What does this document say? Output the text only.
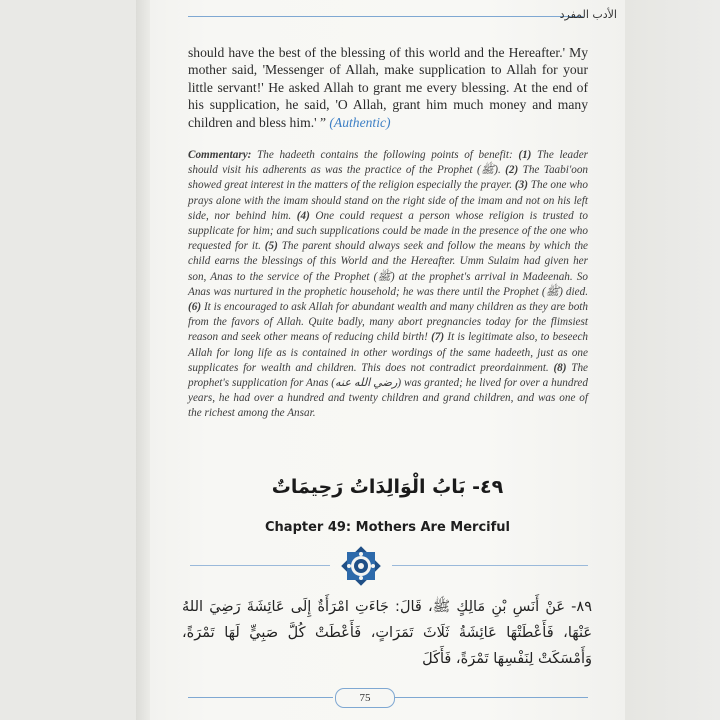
الأدب المفرد
should have the best of the blessing of this world and the Hereafter.' My mother said, 'Messenger of Allah, make supplication to Allah for your little servant!' He asked Allah to grant me every blessing. At the end of his supplication, he said, 'O Allah, grant him much money and many children and bless him.' ” (Authentic)
Commentary: The hadeeth contains the following points of benefit: (1) The leader should visit his adherents as was the practice of the Prophet (ﷺ). (2) The Taabi'oon showed great interest in the matters of the religion especially the prayer. (3) The one who prays alone with the imam should stand on the right side of the imam and not on his left side, nor behind him. (4) One could request a person whose religion is trusted to supplicate for him; and such supplications could be made in the presence of the one who requested for it. (5) The parent should always seek and follow the means by which the child earns the blessings of this World and the Hereafter. Umm Sulaim had given her son, Anas to the service of the Prophet (ﷺ) at the prophet's arrival in Madeenah. So Anas was nurtured in the prophetic household; he was there until the Prophet (ﷺ) died. (6) It is encouraged to ask Allah for abundant wealth and many children as they are both from the favors of Allah. Quite badly, many abort pregnancies today for the flimsiest reason and seek other means of reducing child birth! (7) It is legitimate also, to beseech Allah for long life as is contained in other wordings of the same hadeeth, just as one supplicates for wealth and children. This does not contradict preordainment. (8) The prophet's supplication for Anas (رضي الله عنه) was granted; he lived for over a hundred years, he had over a hundred and twenty children and grand children, and was one of the richest among the Ansar.
٤٩- بَابُ الْوَالِدَاتُ رَحِيمَاتٌ
Chapter 49: Mothers Are Merciful
٨٩- عَنْ أَنَسِ بْنِ مَالِكٍ ﷺ، قَالَ: جَاءَتِ امْرَأَةٌ إِلَى عَائِشَةَ رَضِيَ اللهُ عَنْهَا، فَأَعْطَتْهَا عَائِشَةُ ثَلَاثَ تَمَرَاتٍ، فَأَعْطَتْ كُلَّ صَبِيٍّ لَهَا تَمْرَةً، وَأَمْسَكَتْ لِنَفْسِهَا تَمْرَةً، فَأَكَلَ
75
